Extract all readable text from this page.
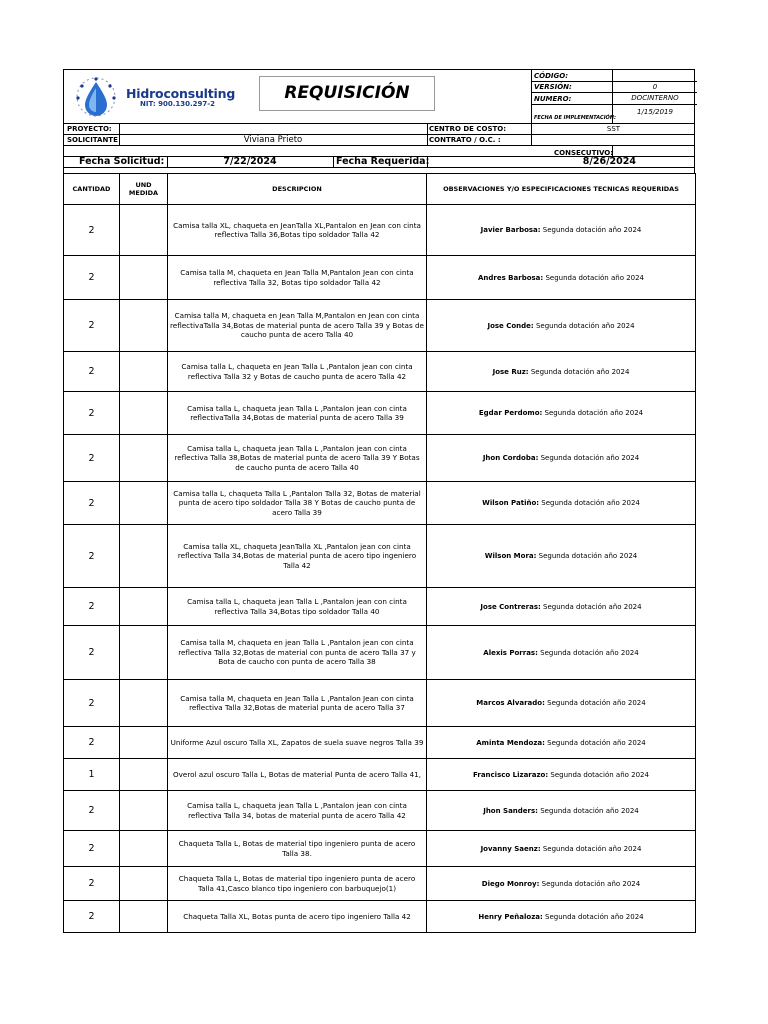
Hidroconsulting
NIT: 900.130.297-2
REQUISICIÓN
CÓDIGO:
VERSIÓN:	0
NUMERO:	DOCINTERNO
FECHA DE IMPLEMENTACIÓN:
1/15/2019
PROYECTO:	CENTRO DE COSTO:	SST
SOLICITANTE	Viviana Prieto	CONTRATO / O.C. :
CONSECUTIVO:
Fecha Solicitud:	7/22/2024	Fecha Requerida:	8/26/2024
CANTIDAD	UND MEDIDA	DESCRIPCION	OBSERVACIONES Y/O ESPECIFICACIONES TECNICAS REQUERIDAS
2		Camisa talla XL, chaqueta en JeanTalla XL,Pantalon en Jean con cinta reflectiva Talla 36,Botas tipo soldador Talla 42	Javier Barbosa: Segunda dotación año 2024
2		Camisa talla M, chaqueta en Jean Talla M,Pantalon Jean con cinta reflectiva Talla 32, Botas tipo soldador Talla 42	Andres Barbosa: Segunda dotación año 2024
2		Camisa talla M, chaqueta en Jean Talla M,Pantalon en Jean con cinta reflectivaTalla 34,Botas de material punta de acero Talla 39 y Botas de caucho punta de acero Talla 40	Jose Conde: Segunda dotación año 2024
2		Camisa talla L, chaqueta en Jean Talla L ,Pantalon jean con cinta reflectiva Talla 32 y Botas de caucho punta de acero Talla 42	Jose Ruz: Segunda dotación año 2024
2		Camisa talla L, chaqueta jean Talla L ,Pantalon jean con cinta reflectivaTalla 34,Botas de material punta de acero Talla 39	Egdar Perdomo: Segunda dotación año 2024
2		Camisa talla L, chaqueta jean Talla L ,Pantalon jean con cinta reflectiva Talla 38,Botas de material punta de acero Talla 39 Y Botas de caucho punta de acero Talla 40	Jhon Cordoba: Segunda dotación año 2024
2		Camisa talla L, chaqueta Talla L ,Pantalon Talla 32, Botas de material punta de acero tipo soldador Talla 38 Y Botas de caucho punta de acero Talla 39	Wilson Patiño: Segunda dotación año 2024
2		Camisa talla XL, chaqueta JeanTalla XL ,Pantalon jean con cinta reflectiva Talla 34,Botas de material punta de acero tipo ingeniero Talla 42	Wilson Mora: Segunda dotación año 2024
2		Camisa talla L, chaqueta jean Talla L ,Pantalon jean con cinta reflectiva Talla 34,Botas tipo soldador Talla 40	Jose Contreras: Segunda dotación año 2024
2		Camisa talla M, chaqueta en jean Talla L ,Pantalon jean con cinta reflectiva Talla 32,Botas de material con punta de acero Talla 37 y Bota de caucho con punta de acero Talla 38	Alexis Porras: Segunda dotación año 2024
2		Camisa talla M, chaqueta en Jean Talla L ,Pantalon Jean con cinta reflectiva Talla 32,Botas de material punta de acero Talla 37	Marcos Alvarado: Segunda dotación año 2024
2		Uniforme Azul oscuro Talla XL, Zapatos de suela suave negros Talla 39	Aminta Mendoza: Segunda dotación año 2024
1		Overol azul oscuro Talla L, Botas de material Punta de acero Talla 41,	Francisco Lizarazo: Segunda dotación año 2024
2		Camisa talla L, chaqueta jean Talla L ,Pantalon jean con cinta reflectiva Talla 34, botas de material punta de acero Talla 42	Jhon Sanders: Segunda dotación año 2024
2		Chaqueta Talla L, Botas de material tipo ingeniero punta de acero Talla 38.	Jovanny Saenz: Segunda dotación año 2024
2		Chaqueta Talla L, Botas de material tipo ingeniero punta de acero Talla 41,Casco blanco tipo ingeniero con barbuquejo(1)	Diego Monroy: Segunda dotación año 2024
2		Chaqueta Talla XL, Botas punta de acero tipo ingeniero Talla 42	Henry Peñaloza: Segunda dotación año 2024
